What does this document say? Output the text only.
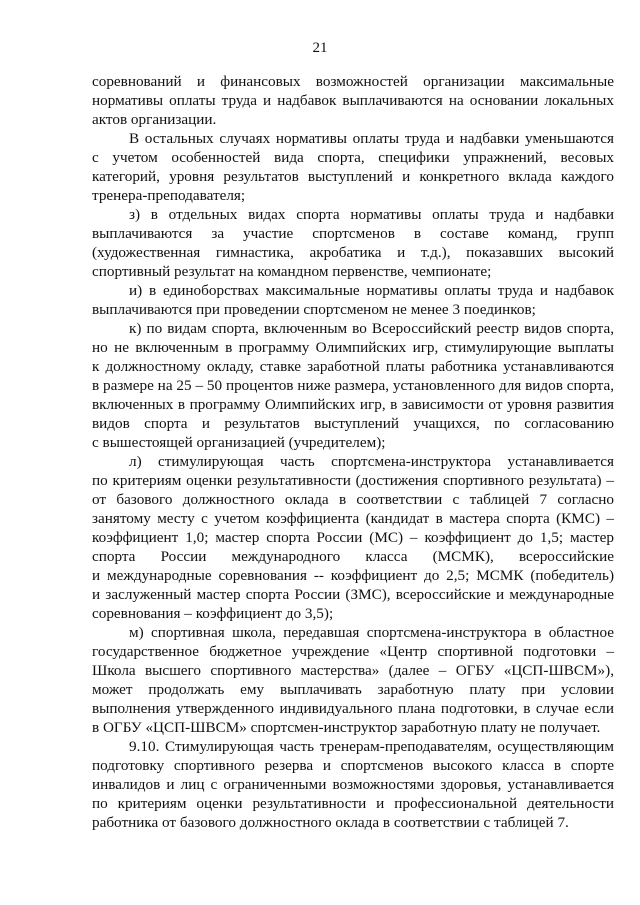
21
соревнований и финансовых возможностей организации максимальные
нормативы оплаты труда и надбавок выплачиваются на основании локальных
актов организации.
В остальных случаях нормативы оплаты труда и надбавки уменьшаются
с учетом особенностей вида спорта, специфики упражнений, весовых
категорий, уровня результатов выступлений и конкретного вклада каждого
тренера-преподавателя;
з) в отдельных видах спорта нормативы оплаты труда и надбавки
выплачиваются за участие спортсменов в составе команд, групп
(художественная гимнастика, акробатика и т.д.), показавших высокий
спортивный результат на командном первенстве, чемпионате;
и) в единоборствах максимальные нормативы оплаты труда и надбавок
выплачиваются при проведении спортсменом не менее 3 поединков;
к) по видам спорта, включенным во Всероссийский реестр видов спорта,
но не включенным в программу Олимпийских игр, стимулирующие выплаты
к должностному окладу, ставке заработной платы работника устанавливаются
в размере на 25 – 50 процентов ниже размера, установленного для видов спорта,
включенных в программу Олимпийских игр, в зависимости от уровня развития
видов спорта и результатов выступлений учащихся, по согласованию
с вышестоящей организацией (учредителем);
л) стимулирующая часть спортсмена-инструктора устанавливается
по критериям оценки результативности (достижения спортивного результата) –
от базового должностного оклада в соответствии с таблицей 7 согласно
занятому месту с учетом коэффициента (кандидат в мастера спорта (КМС) –
коэффициент 1,0; мастер спорта России (МС) – коэффициент до 1,5; мастер
спорта России международного класса (МСМК), всероссийские
и международные соревнования -- коэффициент до 2,5; МСМК (победитель)
и заслуженный мастер спорта России (ЗМС), всероссийские и международные
соревнования – коэффициент до 3,5);
м) спортивная школа, передавшая спортсмена-инструктора в областное
государственное бюджетное учреждение «Центр спортивной подготовки –
Школа высшего спортивного мастерства» (далее – ОГБУ «ЦСП-ШВСМ»),
может продолжать ему выплачивать заработную плату при условии
выполнения утвержденного индивидуального плана подготовки, в случае если
в ОГБУ «ЦСП-ШВСМ» спортсмен-инструктор заработную плату не получает.
9.10. Стимулирующая часть тренерам-преподавателям, осуществляющим
подготовку спортивного резерва и спортсменов высокого класса в спорте
инвалидов и лиц с ограниченными возможностями здоровья, устанавливается
по критериям оценки результативности и профессиональной деятельности
работника от базового должностного оклада в соответствии с таблицей 7.
